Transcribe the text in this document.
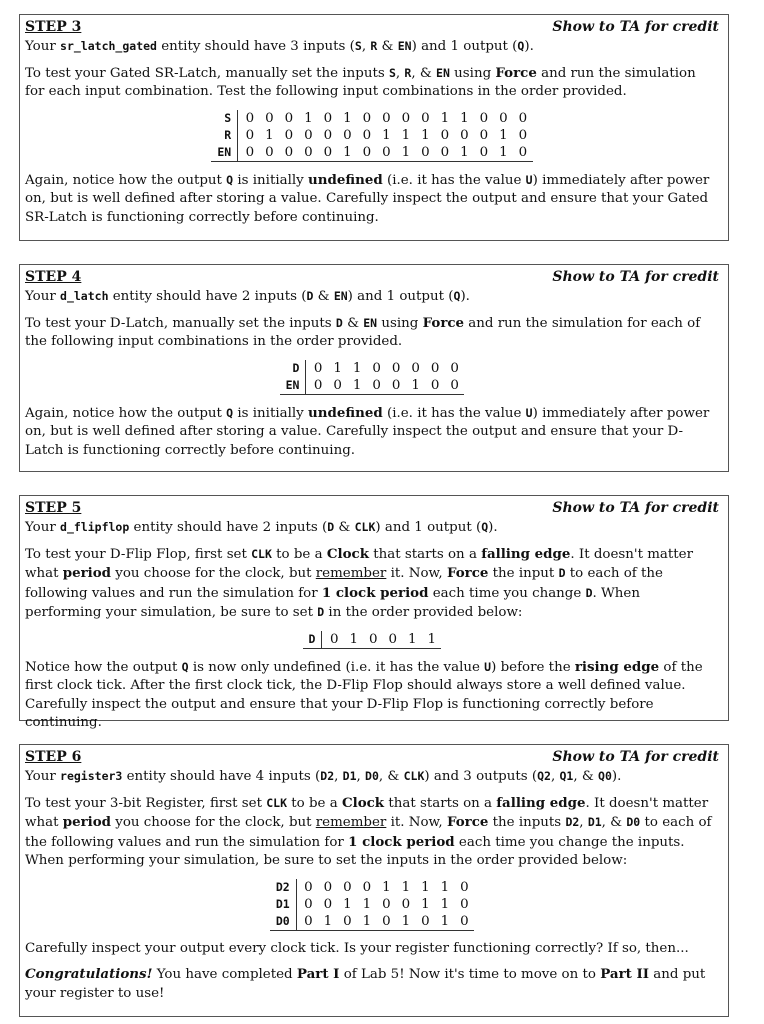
STEP 3	Show to TA for credit

Your sr_latch_gated entity should have 3 inputs (S, R & EN) and 1 output (Q).

To test your Gated SR-Latch, manually set the inputs S, R, & EN using Force and run the simulation for each input combination. Test the following input combinations in the order provided.

S	0	0	0	1	0	1	0	0	0	0	1	1	0	0	0
R	0	1	0	0	0	0	0	1	1	1	0	0	0	1	0
EN	0	0	0	0	0	1	0	0	1	0	0	1	0	1	0

Again, notice how the output Q is initially undefined (i.e. it has the value U) immediately after power on, but is well defined after storing a value. Carefully inspect the output and ensure that your Gated SR-Latch is functioning correctly before continuing.

STEP 4	Show to TA for credit

Your d_latch entity should have 2 inputs (D & EN) and 1 output (Q).

To test your D-Latch, manually set the inputs D & EN using Force and run the simulation for each of the following input combinations in the order provided.

D	0	1	1	0	0	0	0	0
EN	0	0	1	0	0	1	0	0

Again, notice how the output Q is initially undefined (i.e. it has the value U) immediately after power on, but is well defined after storing a value. Carefully inspect the output and ensure that your D-Latch is functioning correctly before continuing.

STEP 5	Show to TA for credit

Your d_flipflop entity should have 2 inputs (D & CLK) and 1 output (Q).

To test your D-Flip Flop, first set CLK to be a Clock that starts on a falling edge. It doesn't matter what period you choose for the clock, but remember it. Now, Force the input D to each of the following values and run the simulation for 1 clock period each time you change D. When performing your simulation, be sure to set D in the order provided below:

D	0	1	0	0	1	1

Notice how the output Q is now only undefined (i.e. it has the value U) before the rising edge of the first clock tick. After the first clock tick, the D-Flip Flop should always store a well defined value. Carefully inspect the output and ensure that your D-Flip Flop is functioning correctly before continuing.

STEP 6	Show to TA for credit

Your register3 entity should have 4 inputs (D2, D1, D0, & CLK) and 3 outputs (Q2, Q1, & Q0).

To test your 3-bit Register, first set CLK to be a Clock that starts on a falling edge. It doesn't matter what period you choose for the clock, but remember it. Now, Force the inputs D2, D1, & D0 to each of the following values and run the simulation for 1 clock period each time you change the inputs. When performing your simulation, be sure to set the inputs in the order provided below:

D2	0	0	0	0	1	1	1	1	0
D1	0	0	1	1	0	0	1	1	0
D0	0	1	0	1	0	1	0	1	0

Carefully inspect your output every clock tick. Is your register functioning correctly? If so, then...

Congratulations! You have completed Part I of Lab 5! Now it's time to move on to Part II and put your register to use!
